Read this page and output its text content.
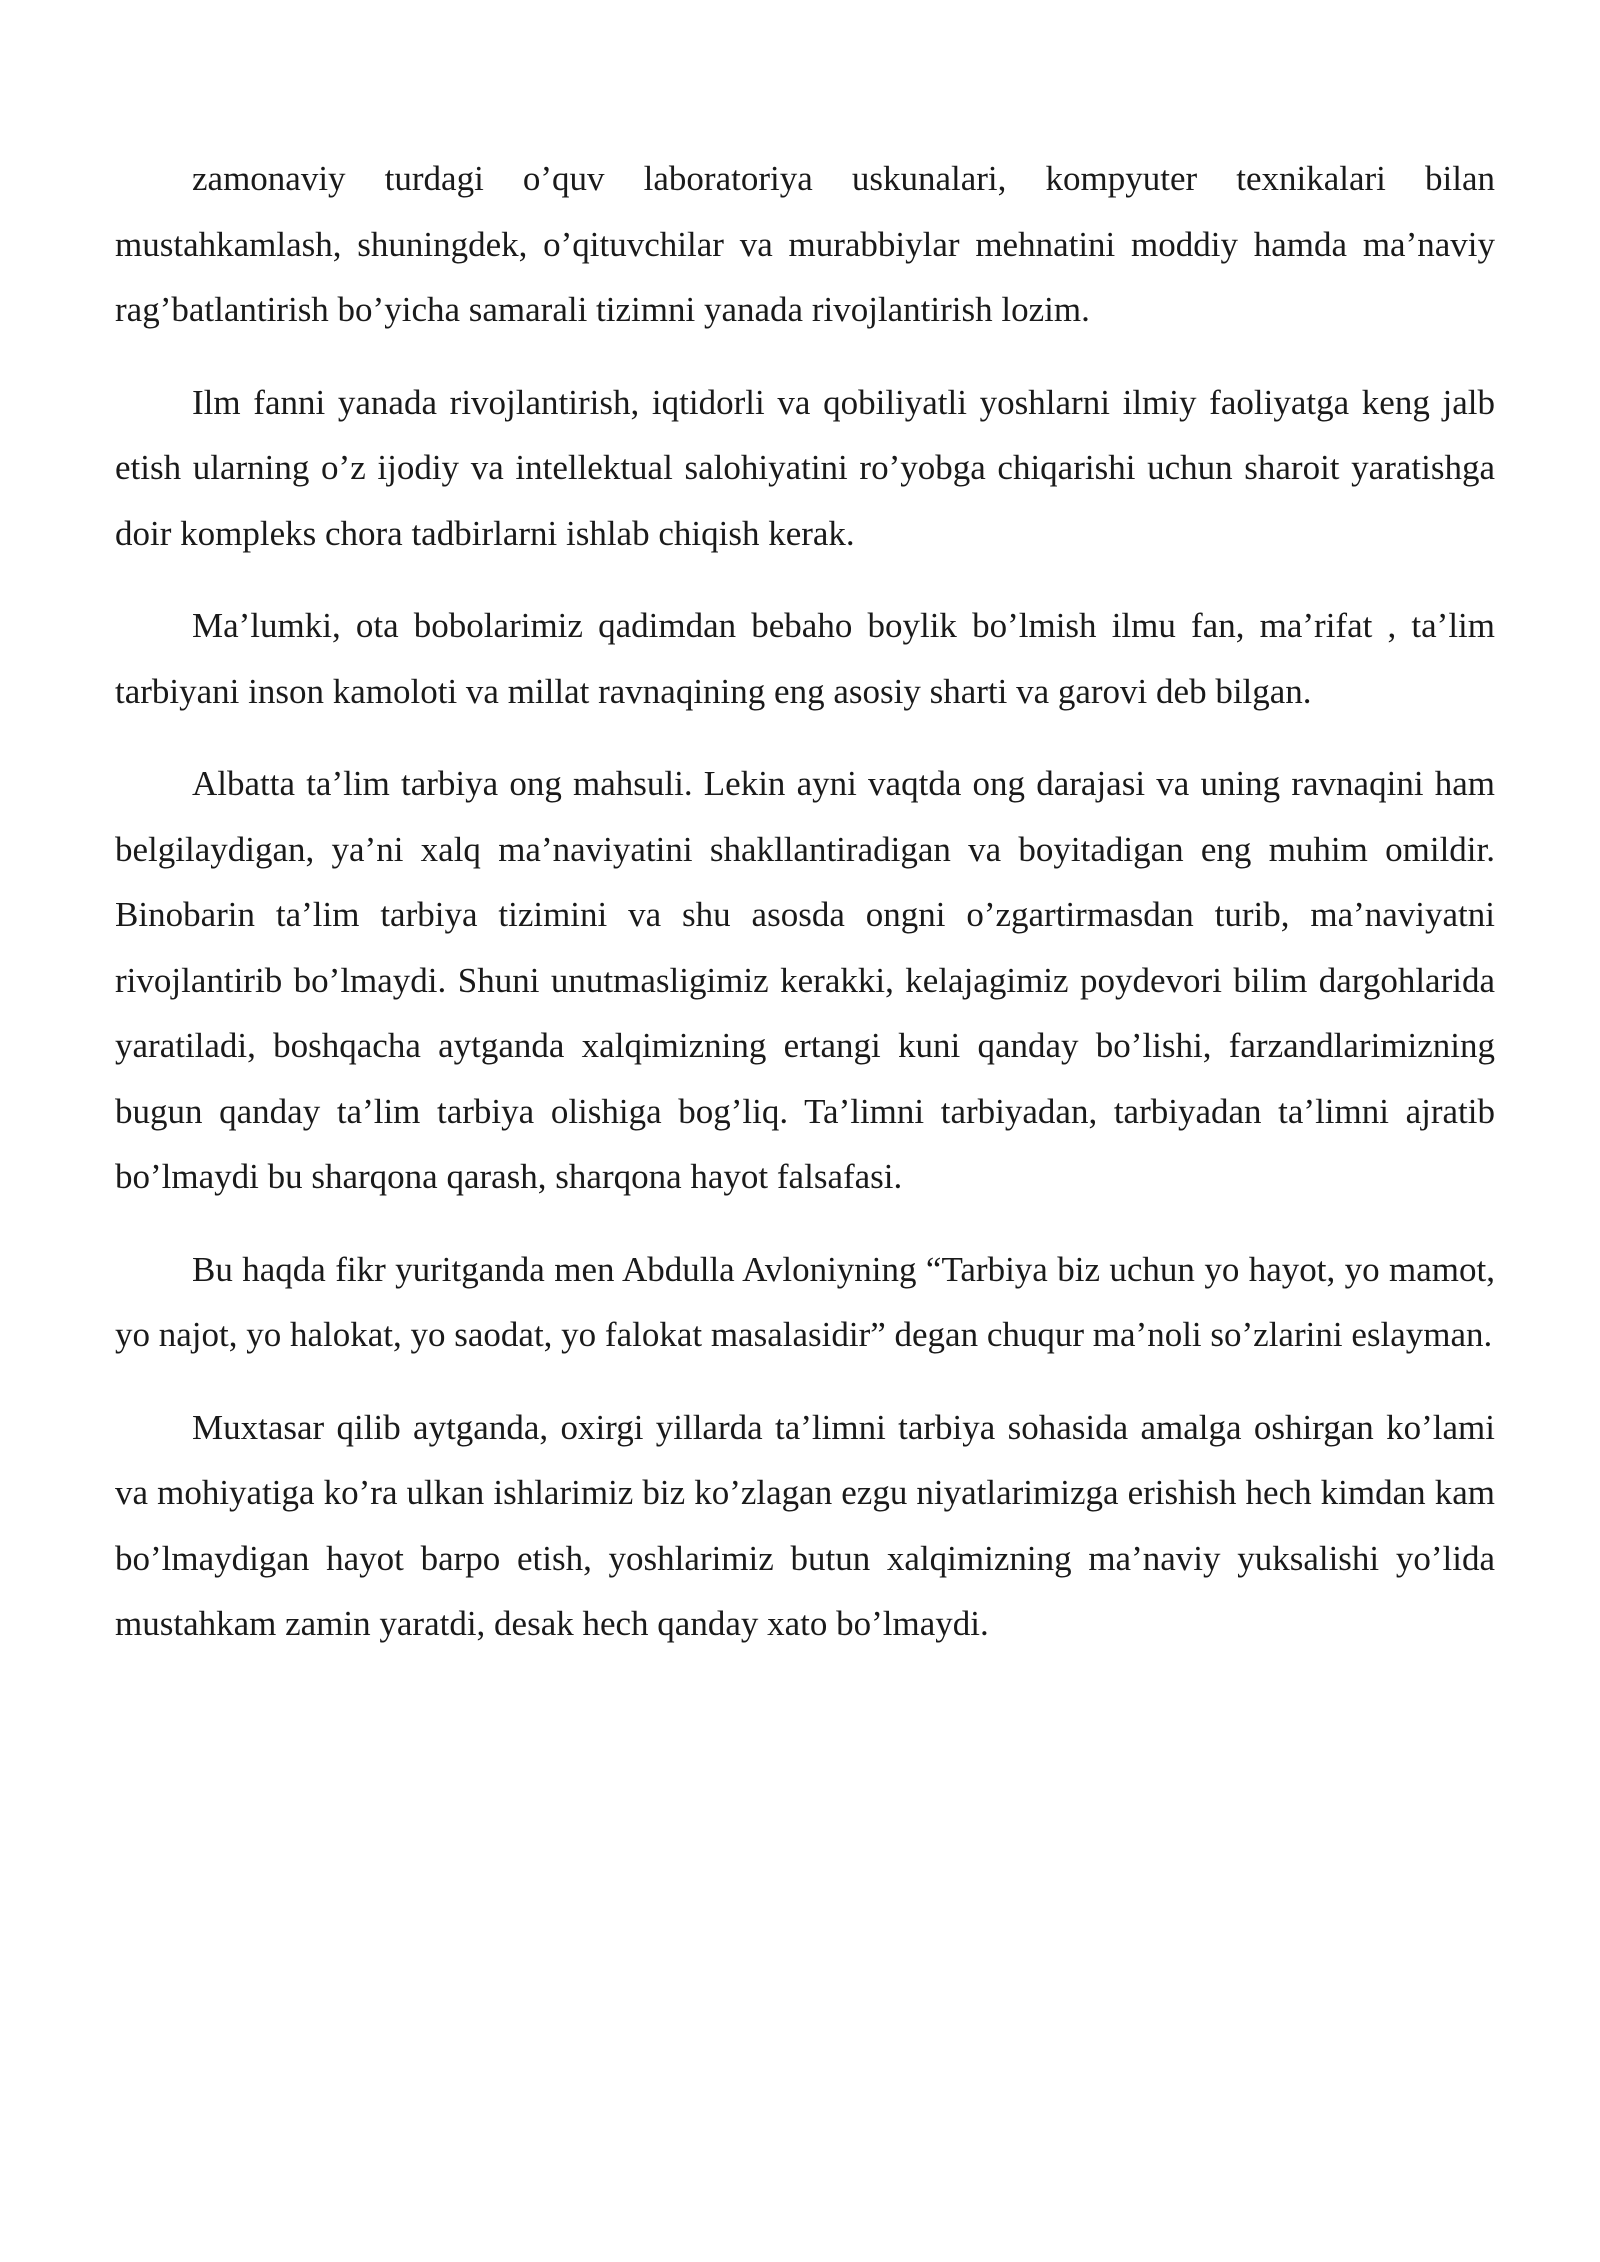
zamonaviy turdagi o’quv laboratoriya uskunalari, kompyuter texnikalari bilan mustahkamlash, shuningdek, o’qituvchilar va murabbiylar mehnatini moddiy hamda ma’naviy rag’batlantirish bo’yicha samarali tizimni yanada rivojlantirish lozim.

Ilm fanni yanada rivojlantirish, iqtidorli va qobiliyatli yoshlarni ilmiy faoliyatga keng jalb etish ularning o’z ijodiy va intellektual salohiyatini ro’yobga chiqarishi uchun sharoit yaratishga doir kompleks chora tadbirlarni ishlab chiqish kerak.

Ma’lumki, ota bobolarimiz qadimdan bebaho boylik bo’lmish ilmu fan, ma’rifat , ta’lim tarbiyani inson kamoloti va millat ravnaqining eng asosiy sharti va garovi deb bilgan.

Albatta ta’lim tarbiya ong mahsuli. Lekin ayni vaqtda ong darajasi va uning ravnaqini ham belgilaydigan, ya’ni xalq ma’naviyatini shakllantiradigan va boyitadigan eng muhim omildir. Binobarin ta’lim tarbiya tizimini va shu asosda ongni o’zgartirmasdan turib, ma’naviyatni rivojlantirib bo’lmaydi. Shuni unutmasligimiz kerakki, kelajagimiz poydevori bilim dargohlarida yaratiladi, boshqacha aytganda xalqimizning ertangi kuni qanday bo’lishi, farzandlarimizning bugun qanday ta’lim tarbiya olishiga bog’liq. Ta’limni tarbiyadan, tarbiyadan ta’limni ajratib bo’lmaydi bu sharqona qarash, sharqona hayot falsafasi.

Bu haqda fikr yuritganda men Abdulla Avloniyning “Tarbiya biz uchun yo hayot, yo mamot, yo najot, yo halokat, yo saodat, yo falokat masalasidir” degan chuqur ma’noli so’zlarini eslayman.

Muxtasar qilib aytganda, oxirgi yillarda ta’limni tarbiya sohasida amalga oshirgan ko’lami va mohiyatiga ko’ra ulkan ishlarimiz biz ko’zlagan ezgu niyatlarimizga erishish hech kimdan kam bo’lmaydigan hayot barpo etish, yoshlarimiz butun xalqimizning ma’naviy yuksalishi yo’lida mustahkam zamin yaratdi, desak hech qanday xato bo’lmaydi.
